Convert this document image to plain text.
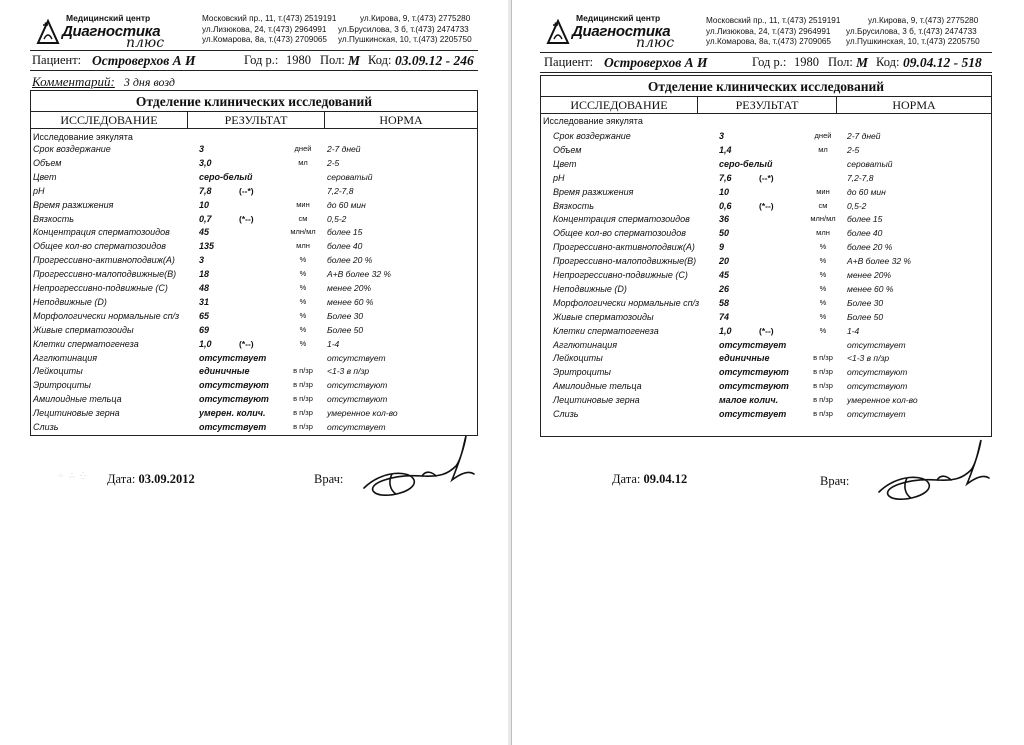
Медицинский центр
Диагностика
плюс
Московский пр., 11, т.(473) 2519191
ул.Лизюкова, 24, т.(473) 2964991
ул.Комарова, 8а, т.(473) 2709065
ул.Кирова, 9, т.(473) 2775280
ул.Брусилова, 3 б, т.(473) 2474733
ул.Пушкинская, 10, т.(473) 2205750
Пациент: Островерхов А И	Год р.: 1980 Пол: М Код: 03.09.12 - 246
Комментарий: 3 дня возд
Отделение клинических исследований
ИССЛЕДОВАНИЕ	РЕЗУЛЬТАТ	НОРМА
Исследование эякулята
Срок воздержание	3	дней	2-7 дней
Объем	3,0	мл	2-5
Цвет	серо-белый	сероватый
pH	7,8	(--*)	7,2-7,8
Время разжижения	10	мин	до 60 мин
Вязкость	0,7	(*--)	см	0,5-2
Концентрация сперматозоидов	45	млн/мл	более 15
Общее кол-во сперматозоидов	135	млн	более 40
Прогрессивно-активноподвиж(А)	3	%	более 20 %
Прогрессивно-малоподвижные(В)	18	%	А+В более 32 %
Непрогрессивно-подвижные (С)	48	%	менее 20%
Неподвижные (D)	31	%	менее 60 %
Морфологически нормальные сп/з 65	%	Более 30
Живые сперматозоиды	69	%	Более 50
Клетки сперматогенеза	1,0	(*--)	%	1-4
Агглютинация	отсутствует	отсутствует
Лейкоциты	единичные	в п/зр	<1-3 в п/зр
Эритроциты	отсутствуют	в п/зр	отсутствуют
Амилоидные тельца	отсутствуют	в п/зр	отсутствуют
Лецитиновые зерна	умерен. колич.	в п/зр	умеренное кол-во
Слизь	отсутствует	в п/зр	отсутствует
⁘ ∴ ⁛ Дата: 03.09.2012	Врач:
Медицинский центр
Диагностика
плюс
Московский пр., 11, т.(473) 2519191
ул.Лизюкова, 24, т.(473) 2964991
ул.Комарова, 8а, т.(473) 2709065
ул.Кирова, 9, т.(473) 2775280
ул.Брусилова, 3 б, т.(473) 2474733
ул.Пушкинская, 10, т.(473) 2205750
Пациент: Островерхов А И	Год р.: 1980 Пол: М Код: 09.04.12 - 518
Отделение клинических исследований
ИССЛЕДОВАНИЕ	РЕЗУЛЬТАТ	НОРМА
Исследование эякулята
Срок воздержание	3	дней	2-7 дней
Объем	1,4	мл	2-5
Цвет	серо-белый	сероватый
pH	7,6	(--*)	7,2-7,8
Время разжижения	10	мин	до 60 мин
Вязкость	0,6	(*--)	см	0,5-2
Концентрация сперматозоидов	36	млн/мл	более 15
Общее кол-во сперматозоидов	50	млн	более 40
Прогрессивно-активноподвиж(А)	9	%	более 20 %
Прогрессивно-малоподвижные(В)	20	%	А+В более 32 %
Непрогрессивно-подвижные (С)	45	%	менее 20%
Неподвижные (D)	26	%	менее 60 %
Морфологически нормальные сп/з 58	%	Более 30
Живые сперматозоиды	74	%	Более 50
Клетки сперматогенеза	1,0	(*--)	%	1-4
Агглютинация	отсутствует	отсутствует
Лейкоциты	единичные	в п/зр	<1-3 в п/зр
Эритроциты	отсутствуют	в п/зр	отсутствуют
Амилоидные тельца	отсутствуют	в п/зр	отсутствуют
Лецитиновые зерна	малое колич.	в п/зр	умеренное кол-во
Слизь	отсутствует	в п/зр	отсутствует
Дата: 09.04.12	Врач:
